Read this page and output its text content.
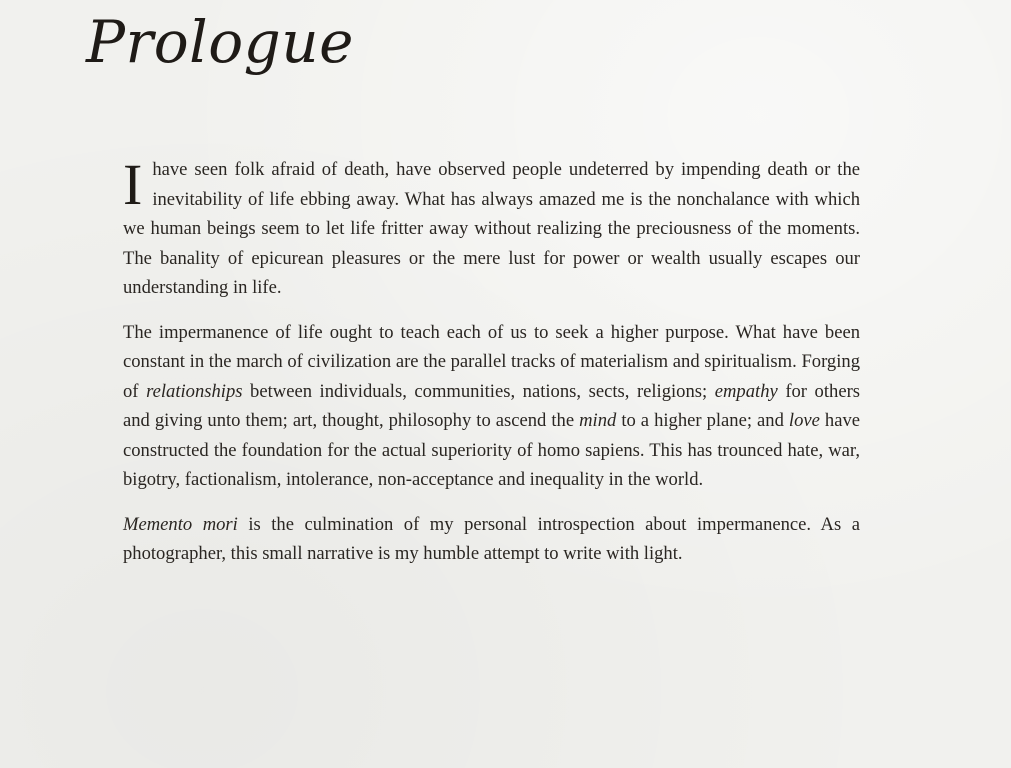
Prologue

Ihave seen folk afraid of death, have observed people undeterred by impending death or the inevitability of life ebbing away. What has always amazed me is the nonchalance with which we human beings seem to let life fritter away without realizing the preciousness of the moments. The banality of epicurean pleasures or the mere lust for power or wealth usually escapes our understanding in life.

The impermanence of life ought to teach each of us to seek a higher purpose. What have been constant in the march of civilization are the parallel tracks of materialism and spiritualism. Forging of relationships between individuals, communities, nations, sects, religions; empathy for others and giving unto them; art, thought, philosophy to ascend the mind to a higher plane; and love have constructed the foundation for the actual superiority of homo sapiens. This has trounced hate, war, bigotry, factionalism, intolerance, non-acceptance and inequality in the world.

Memento mori is the culmination of my personal introspection about impermanence. As a photographer, this small narrative is my humble attempt to write with light.
